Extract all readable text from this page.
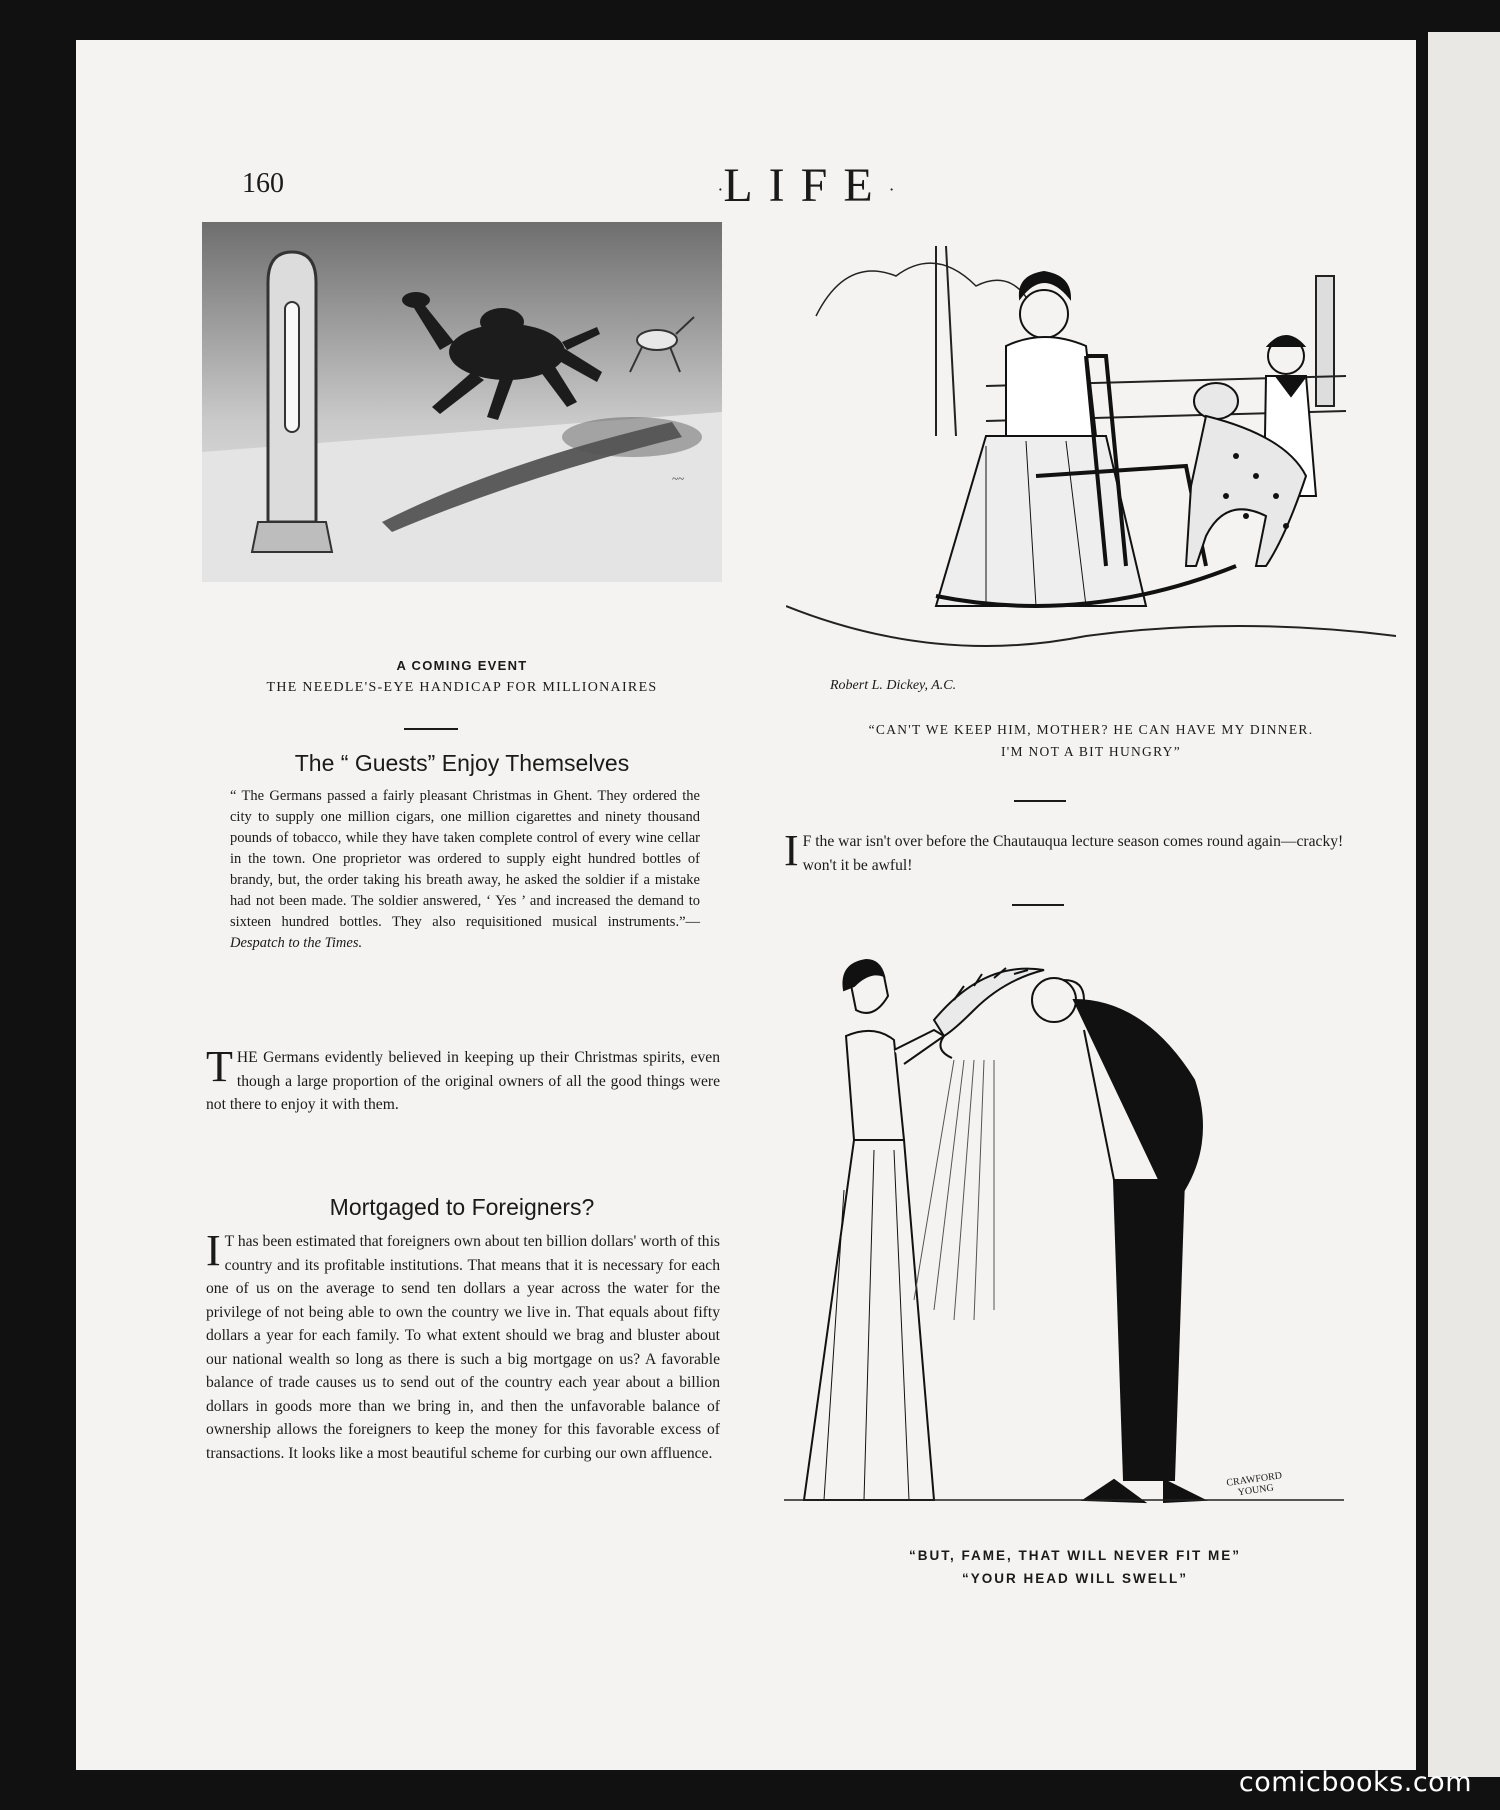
160	·LIFE·
~~
A COMING EVENT
THE NEEDLE'S-EYE HANDICAP FOR MILLIONAIRES
The “ Guests” Enjoy Themselves
“ The Germans passed a fairly pleasant Christmas in Ghent. They ordered the city to supply one million cigars, one million cigarettes and ninety thousand pounds of tobacco, while they have taken complete control of every wine cellar in the town. One proprietor was ordered to supply eight hundred bottles of brandy, but, the order taking his breath away, he asked the soldier if a mistake had not been made. The soldier answered, ‘ Yes ’ and increased the demand to sixteen hundred bottles. They also requisitioned musical instruments.”—Despatch to the Times.
THE Germans evidently believed in keeping up their Christmas spirits, even though a large proportion of the original owners of all the good things were not there to enjoy it with them.
Mortgaged to Foreigners?
I T has been estimated that foreigners own about ten billion dollars' worth of this country and its profitable institutions. That means that it is necessary for each one of us on the average to send ten dollars a year across the water for the privilege of not being able to own the country we live in. That equals about fifty dollars a year for each family. To what extent should we brag and bluster about our national wealth so long as there is such a big mortgage on us? A favorable balance of trade causes us to send out of the country each year about a billion dollars in goods more than we bring in, and then the unfavorable balance of ownership allows the foreigners to keep the money for this favorable excess of transactions. It looks like a most beautiful scheme for curbing our own affluence.
Robert L. Dickey, A.C.
“CAN'T WE KEEP HIM, MOTHER? HE CAN HAVE MY DINNER.
I'M NOT A BIT HUNGRY”
I F the war isn't over before the Chautauqua lecture season comes round again—cracky! won't it be awful!
CRAWFORD YOUNG
“BUT, FAME, THAT WILL NEVER FIT ME”
“YOUR HEAD WILL SWELL”
comicbooks.com
